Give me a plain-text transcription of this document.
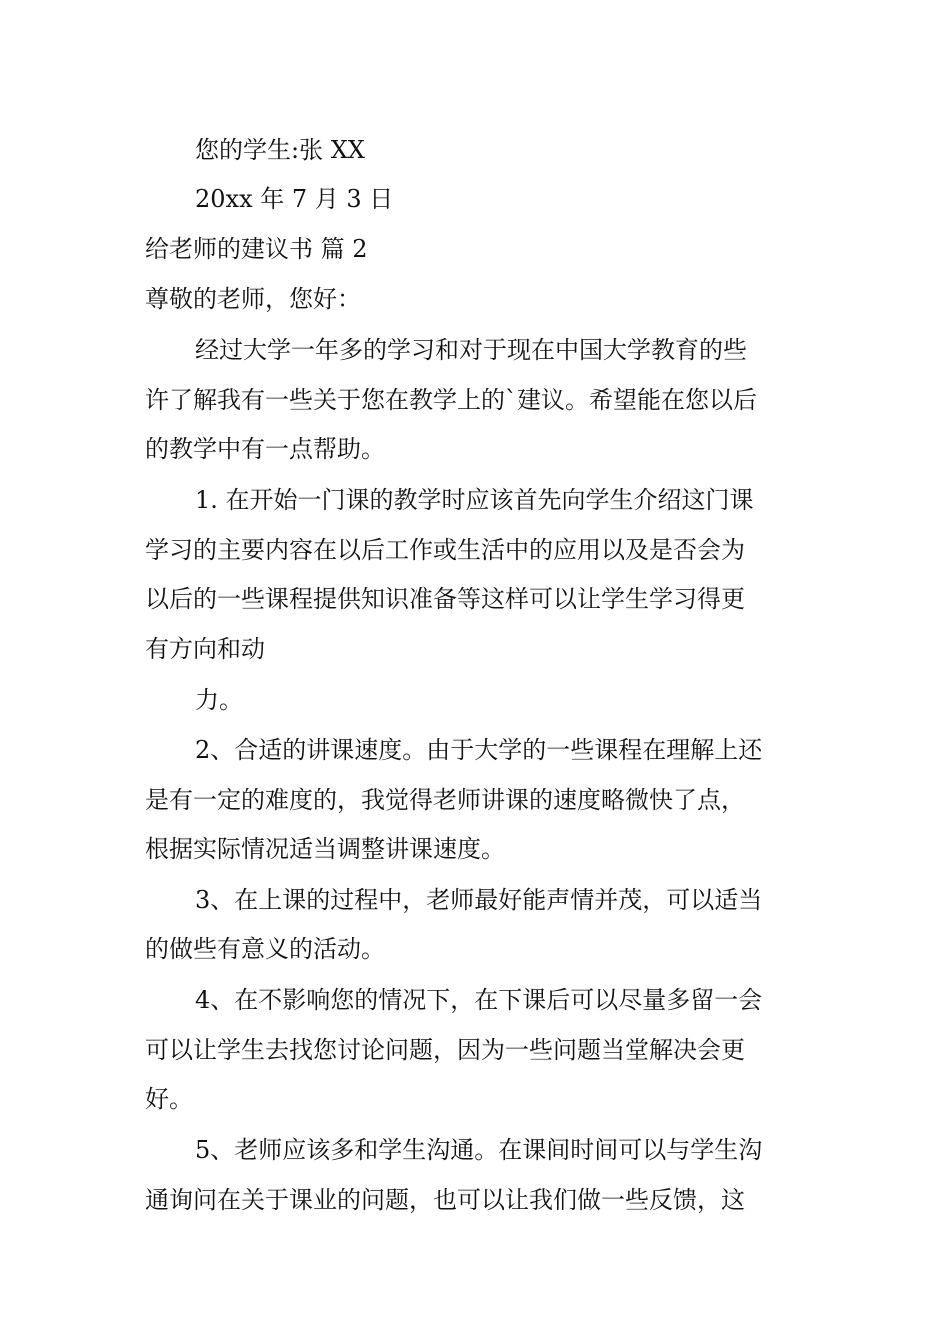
您的学生:张 XX
20xx 年 7 月 3 日
给老师的建议书 篇 2
尊敬的老师，您好：
经过大学一年多的学习和对于现在中国大学教育的些
许了解我有一些关于您在教学上的`建议。希望能在您以后
的教学中有一点帮助。
1. 在开始一门课的教学时应该首先向学生介绍这门课
学习的主要内容在以后工作或生活中的应用以及是否会为
以后的一些课程提供知识准备等这样可以让学生学习得更
有方向和动
力。
2、合适的讲课速度。由于大学的一些课程在理解上还
是有一定的难度的，我觉得老师讲课的速度略微快了点，
根据实际情况适当调整讲课速度。
3、在上课的过程中，老师最好能声情并茂，可以适当
的做些有意义的活动。
4、在不影响您的情况下，在下课后可以尽量多留一会
可以让学生去找您讨论问题，因为一些问题当堂解决会更
好。
5、老师应该多和学生沟通。在课间时间可以与学生沟
通询问在关于课业的问题，也可以让我们做一些反馈，这
